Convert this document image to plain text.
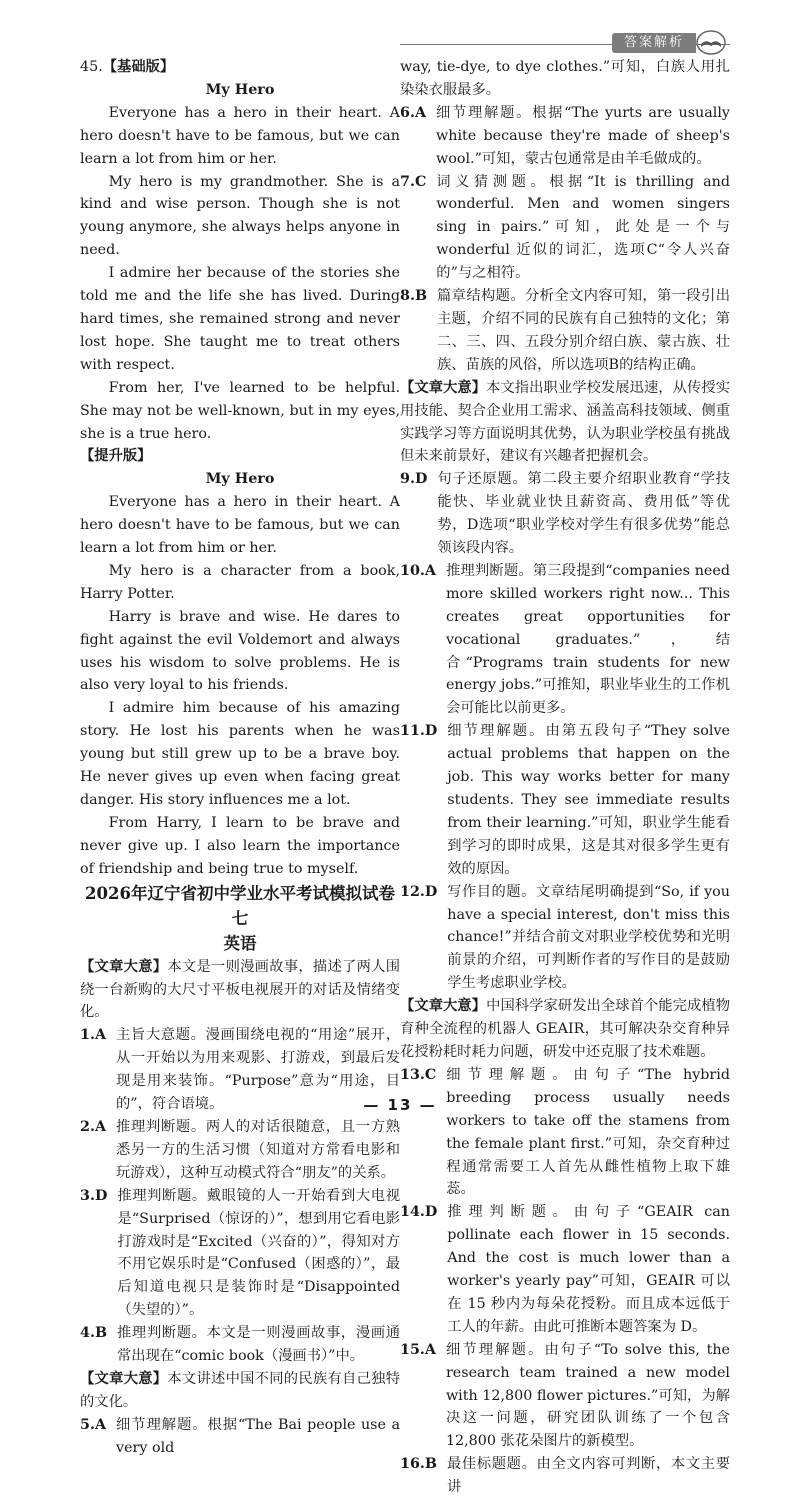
答案解析

45.【基础版】

My Hero

Everyone has a hero in their heart. A hero doesn't have to be famous, but we can learn a lot from him or her.

My hero is my grandmother. She is a kind and wise person. Though she is not young anymore, she always helps anyone in need.

I admire her because of the stories she told me and the life she has lived. During hard times, she remained strong and never lost hope. She taught me to treat others with respect.

From her, I've learned to be helpful. She may not be well-known, but in my eyes, she is a true hero.

【提升版】

My Hero

Everyone has a hero in their heart. A hero doesn't have to be famous, but we can learn a lot from him or her.

My hero is a character from a book, Harry Potter.

Harry is brave and wise. He dares to fight against the evil Voldemort and always uses his wisdom to solve problems. He is also very loyal to his friends.

I admire him because of his amazing story. He lost his parents when he was young but still grew up to be a brave boy. He never gives up even when facing great danger. His story influences me a lot.

From Harry, I learn to be brave and never give up. I also learn the importance of friendship and being true to myself.

2026年辽宁省初中学业水平考试模拟试卷七

英语

【文章大意】本文是一则漫画故事，描述了两人围绕一台新购的大尺寸平板电视展开的对话及情绪变化。

1.A 主旨大意题。漫画围绕电视的“用途”展开，从一开始以为用来观影、打游戏，到最后发现是用来装饰。“Purpose”意为“用途，目的”，符合语境。
2.A 推理判断题。两人的对话很随意，且一方熟悉另一方的生活习惯（知道对方常看电影和玩游戏），这种互动模式符合“朋友”的关系。
3.D 推理判断题。戴眼镜的人一开始看到大电视是“Surprised（惊讶的）”，想到用它看电影打游戏时是“Excited（兴奋的）”，得知对方不用它娱乐时是“Confused（困惑的）”，最后知道电视只是装饰时是“Disappointed（失望的）”。
4.B 推理判断题。本文是一则漫画故事，漫画通常出现在“comic book（漫画书）”中。

【文章大意】本文讲述中国不同的民族有自己独特的文化。

5.A 细节理解题。根据“The Bai people use a very old

way, tie-dye, to dye clothes.”可知，白族人用扎染染衣服最多。

6.A 细节理解题。根据“The yurts are usually white because they're made of sheep's wool.”可知，蒙古包通常是由羊毛做成的。
7.C 词义猜测题。根据“It is thrilling and wonderful. Men and women singers sing in pairs.”可知，此处是一个与 wonderful 近似的词汇，选项C“令人兴奋的”与之相符。
8.B 篇章结构题。分析全文内容可知，第一段引出主题，介绍不同的民族有自己独特的文化；第二、三、四、五段分别介绍白族、蒙古族、壮族、苗族的风俗，所以选项B的结构正确。

【文章大意】本文指出职业学校发展迅速，从传授实用技能、契合企业用工需求、涵盖高科技领域、侧重实践学习等方面说明其优势，认为职业学校虽有挑战但未来前景好，建议有兴趣者把握机会。

9.D 句子还原题。第二段主要介绍职业教育“学技能快、毕业就业快且薪资高、费用低”等优势，D选项“职业学校对学生有很多优势”能总领该段内容。
10.A 推理判断题。第三段提到“companies need more skilled workers right now... This creates great opportunities for vocational graduates.”，结合“Programs train students for new energy jobs.”可推知，职业毕业生的工作机会可能比以前更多。
11.D 细节理解题。由第五段句子“They solve actual problems that happen on the job. This way works better for many students. They see immediate results from their learning.”可知，职业学生能看到学习的即时成果，这是其对很多学生更有效的原因。
12.D 写作目的题。文章结尾明确提到“So, if you have a special interest, don't miss this chance!”并结合前文对职业学校优势和光明前景的介绍，可判断作者的写作目的是鼓励学生考虑职业学校。

【文章大意】中国科学家研发出全球首个能完成植物育种全流程的机器人 GEAIR，其可解决杂交育种异花授粉耗时耗力问题，研发中还克服了技术难题。

13.C 细节理解题。由句子“The hybrid breeding process usually needs workers to take off the stamens from the female plant first.”可知，杂交育种过程通常需要工人首先从雌性植物上取下雄蕊。
14.D 推理判断题。由句子“GEAIR can pollinate each flower in 15 seconds. And the cost is much lower than a worker's yearly pay”可知，GEAIR 可以在 15 秒内为每朵花授粉。而且成本远低于工人的年薪。由此可推断本题答案为 D。
15.A 细节理解题。由句子“To solve this, the research team trained a new model with 12,800 flower pictures.”可知，为解决这一问题，研究团队训练了一个包含 12,800 张花朵图片的新模型。
16.B 最佳标题题。由全文内容可判断，本文主要讲
— 13 —
